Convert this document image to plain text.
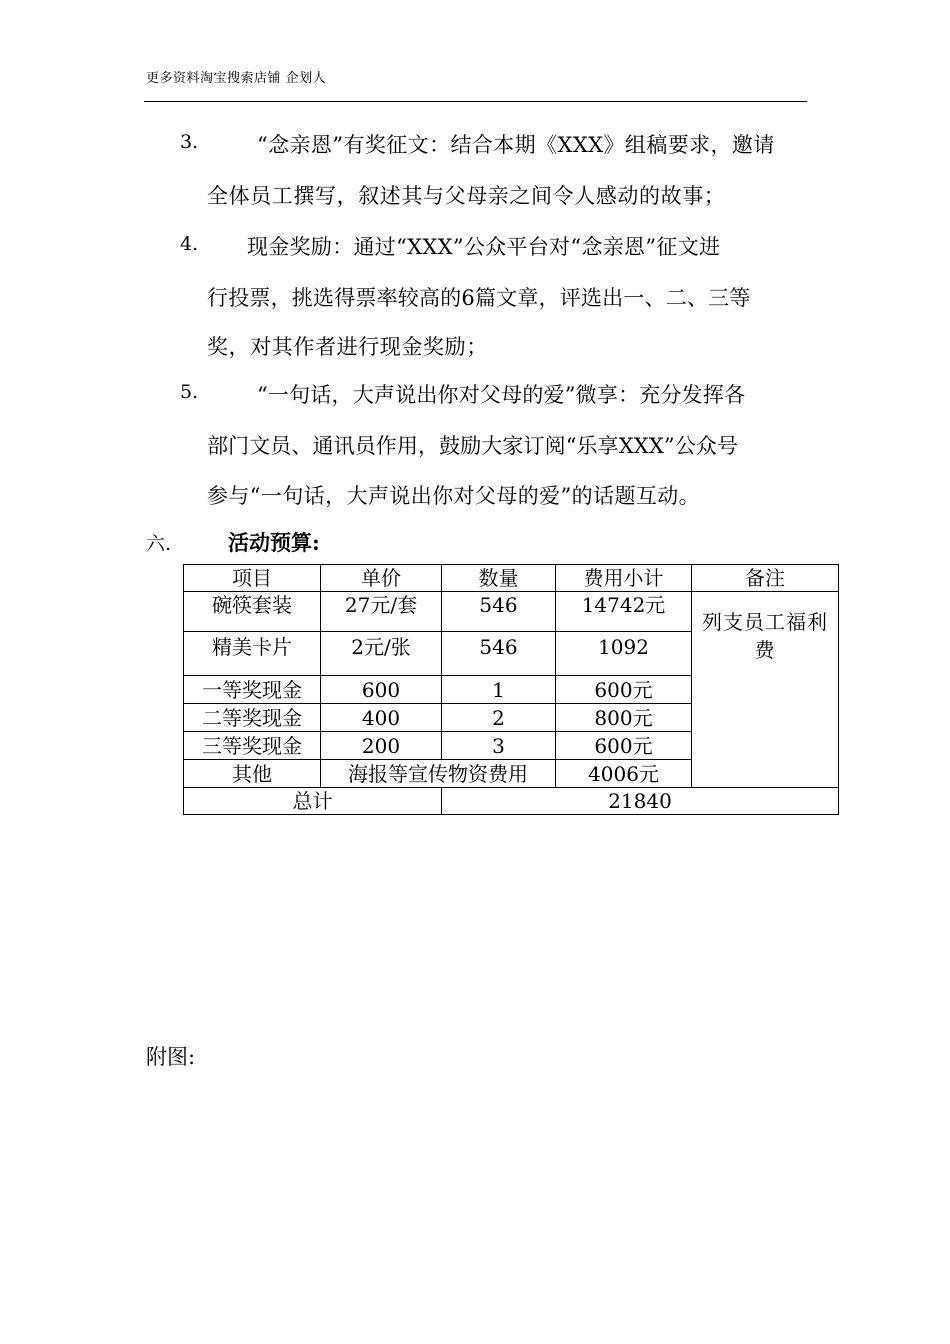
更多资料淘宝搜索店铺 企划人
3.	“念亲恩”有奖征文：结合本期《XXX》组稿要求，邀请
全体员工撰写，叙述其与父母亲之间令人感动的故事；
4. 现金奖励：通过“XXX”公众平台对“念亲恩”征文进
行投票，挑选得票率较高的6篇文章，评选出一、二、三等
奖，对其作者进行现金奖励；
5.	“一句话，大声说出你对父母的爱”微享：充分发挥各
部门文员、通讯员作用，鼓励大家订阅“乐享XXX”公众号
参与“一句话，大声说出你对父母的爱”的话题互动。
六.	活动预算:
项目	单价	数量	费用小计	备注
碗筷套装	27元/套	546	14742元	列支员工福利费
精美卡片	2元/张	546	1092	
一等奖现金	600	1	600元	
二等奖现金	400	2	800元	
三等奖现金	200	3	600元	
其他	海报等宣传物资费用		4006元	
总计		21840		
附图:
